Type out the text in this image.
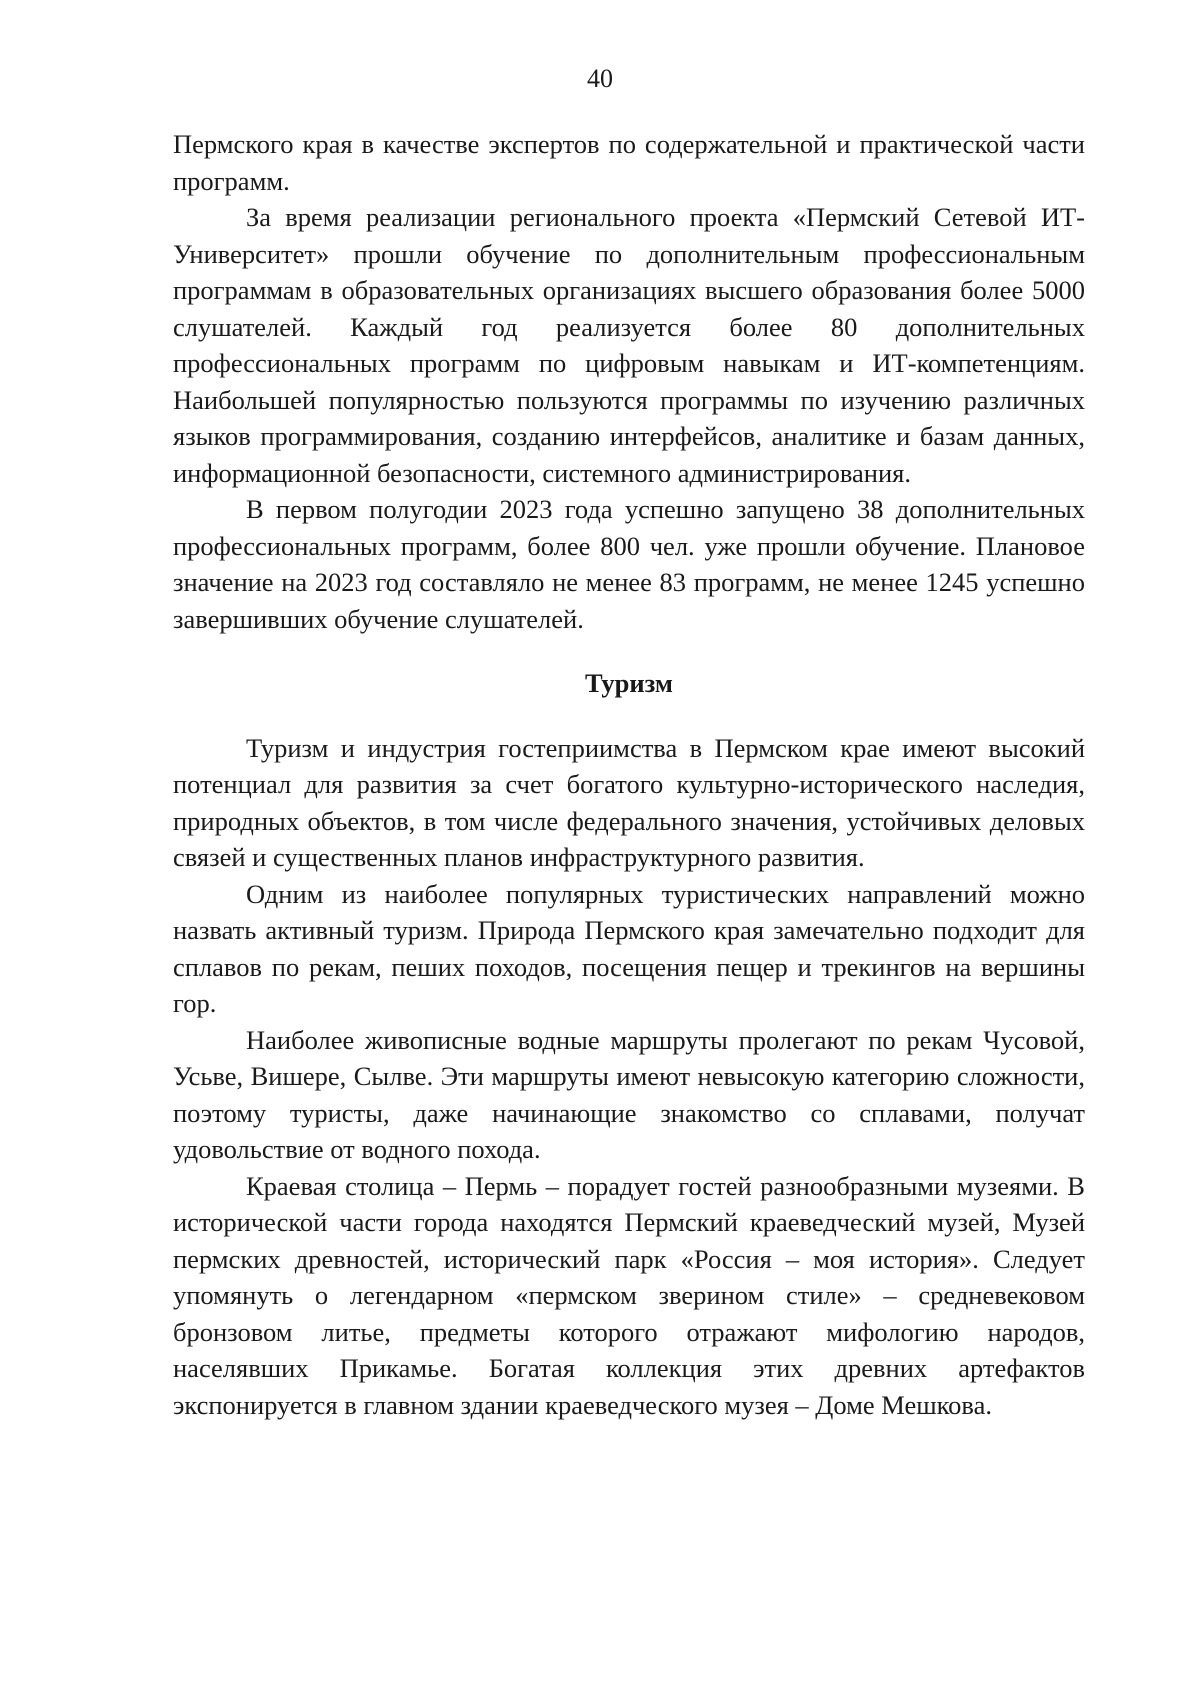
40

Пермского края в качестве экспертов по содержательной и практической части программ.

За время реализации регионального проекта «Пермский Сетевой ИТ-Университет» прошли обучение по дополнительным профессиональным программам в образовательных организациях высшего образования более 5000 слушателей. Каждый год реализуется более 80 дополнительных профессиональных программ по цифровым навыкам и ИТ-компетенциям. Наибольшей популярностью пользуются программы по изучению различных языков программирования, созданию интерфейсов, аналитике и базам данных, информационной безопасности, системного администрирования.

В первом полугодии 2023 года успешно запущено 38 дополнительных профессиональных программ, более 800 чел. уже прошли обучение. Плановое значение на 2023 год составляло не менее 83 программ, не менее 1245 успешно завершивших обучение слушателей.

Туризм

Туризм и индустрия гостеприимства в Пермском крае имеют высокий потенциал для развития за счет богатого культурно-исторического наследия, природных объектов, в том числе федерального значения, устойчивых деловых связей и существенных планов инфраструктурного развития.

Одним из наиболее популярных туристических направлений можно назвать активный туризм. Природа Пермского края замечательно подходит для сплавов по рекам, пеших походов, посещения пещер и трекингов на вершины гор.

Наиболее живописные водные маршруты пролегают по рекам Чусовой, Усьве, Вишере, Сылве. Эти маршруты имеют невысокую категорию сложности, поэтому туристы, даже начинающие знакомство со сплавами, получат удовольствие от водного похода.

Краевая столица – Пермь – порадует гостей разнообразными музеями. В исторической части города находятся Пермский краеведческий музей, Музей пермских древностей, исторический парк «Россия – моя история». Следует упомянуть о легендарном «пермском зверином стиле» – средневековом бронзовом литье, предметы которого отражают мифологию народов, населявших Прикамье. Богатая коллекция этих древних артефактов экспонируется в главном здании краеведческого музея – Доме Мешкова.
